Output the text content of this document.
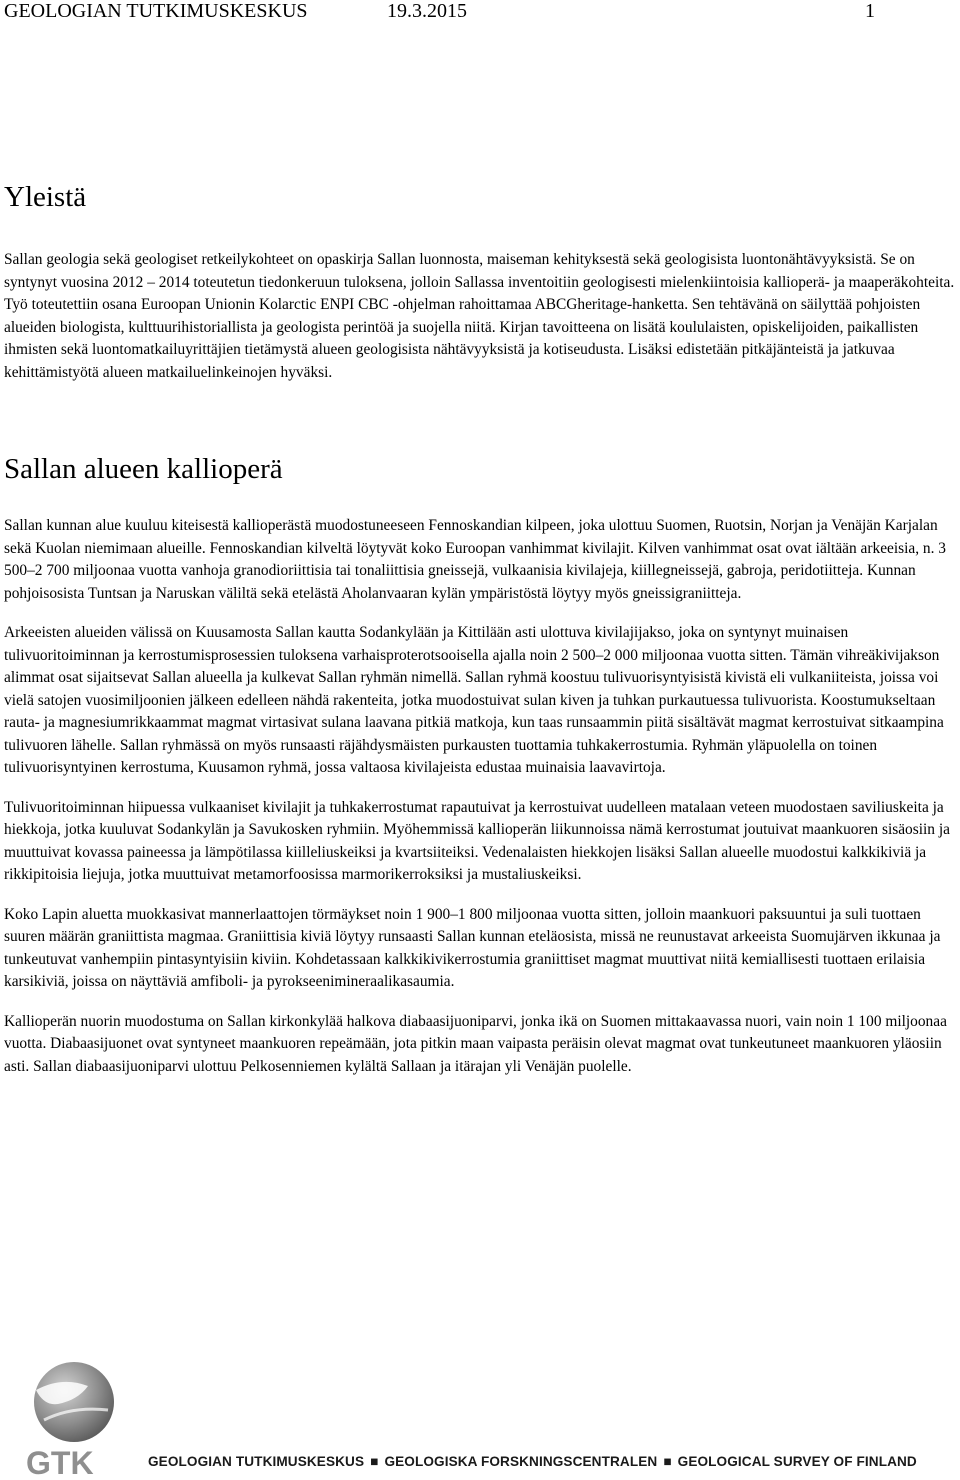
GEOLOGIAN TUTKIMUSKESKUS	19.3.2015	1
Yleistä

Sallan geologia sekä geologiset retkeilykohteet on opaskirja Sallan luonnosta, maiseman kehityksestä sekä geologisista luontonähtävyyksistä. Se on syntynyt vuosina 2012 – 2014 toteutetun tiedonkeruun tuloksena, jolloin Sallassa inventoitiin geologisesti mielenkiintoisia kallioperä- ja maaperäkohteita. Työ toteutettiin osana Euroopan Unionin Kolarctic ENPI CBC -ohjelman rahoittamaa ABCGheritage-hanketta. Sen tehtävänä on säilyttää pohjoisten alueiden biologista, kulttuurihistoriallista ja geologista perintöä ja suojella niitä. Kirjan tavoitteena on lisätä koululaisten, opiskelijoiden, paikallisten ihmisten sekä luontomatkailuyrittäjien tietämystä alueen geologisista nähtävyyksistä ja kotiseudusta. Lisäksi edistetään pitkäjänteistä ja jatkuvaa kehittämistyötä alueen matkailuelinkeinojen hyväksi.

Sallan alueen kallioperä

Sallan kunnan alue kuuluu kiteisestä kallioperästä muodostuneeseen Fennoskandian kilpeen, joka ulottuu Suomen, Ruotsin, Norjan ja Venäjän Karjalan sekä Kuolan niemimaan alueille. Fennoskandian kilveltä löytyvät koko Euroopan vanhimmat kivilajit. Kilven vanhimmat osat ovat iältään arkeeisia, n. 3 500–2 700 miljoonaa vuotta vanhoja granodioriittisia tai tonaliittisia gneissejä, vulkaanisia kivilajeja, kiillegneissejä, gabroja, peridotiitteja. Kunnan pohjoisosista Tuntsan ja Naruskan väliltä sekä etelästä Aholanvaaran kylän ympäristöstä löytyy myös gneissigraniitteja.

Arkeeisten alueiden välissä on Kuusamosta Sallan kautta Sodankylään ja Kittilään asti ulottuva kivilajijakso, joka on syntynyt muinaisen tulivuoritoiminnan ja kerrostumisprosessien tuloksena varhaisproterotsooisella ajalla noin 2 500–2 000 miljoonaa vuotta sitten. Tämän vihreäkivijakson alimmat osat sijaitsevat Sallan alueella ja kulkevat Sallan ryhmän nimellä. Sallan ryhmä koostuu tulivuorisyntyisistä kivistä eli vulkaniiteista, joissa voi vielä satojen vuosimiljoonien jälkeen edelleen nähdä rakenteita, jotka muodostuivat sulan kiven ja tuhkan purkautuessa tulivuorista. Koostumukseltaan rauta- ja magnesiumrikkaammat magmat virtasivat sulana laavana pitkiä matkoja, kun taas runsaammin piitä sisältävät magmat kerrostuivat sitkaampina tulivuoren lähelle. Sallan ryhmässä on myös runsaasti räjähdysmäisten purkausten tuottamia tuhkakerrostumia. Ryhmän yläpuolella on toinen tulivuorisyntyinen kerrostuma, Kuusamon ryhmä, jossa valtaosa kivilajeista edustaa muinaisia laavavirtoja.

Tulivuoritoiminnan hiipuessa vulkaaniset kivilajit ja tuhkakerrostumat rapautuivat ja kerrostuivat uudelleen matalaan veteen muodostaen saviliuskeita ja hiekkoja, jotka kuuluvat Sodankylän ja Savukosken ryhmiin. Myöhemmissä kallioperän liikunnoissa nämä kerrostumat joutuivat maankuoren sisäosiin ja muuttuivat kovassa paineessa ja lämpötilassa kiilleliuskeiksi ja kvartsiiteiksi. Vedenalaisten hiekkojen lisäksi Sallan alueelle muodostui kalkkikiviä ja rikkipitoisia liejuja, jotka muuttuivat metamorfoosissa marmorikerroksiksi ja mustaliuskeiksi.

Koko Lapin aluetta muokkasivat mannerlaattojen törmäykset noin 1 900–1 800 miljoonaa vuotta sitten, jolloin maankuori paksuuntui ja suli tuottaen suuren määrän graniittista magmaa. Graniittisia kiviä löytyy runsaasti Sallan kunnan eteläosista, missä ne reunustavat arkeeista Suomujärven ikkunaa ja tunkeutuvat vanhempiin pintasyntyisiin kiviin. Kohdetassaan kalkkikivikerrostumia graniittiset magmat muuttivat niitä kemiallisesti tuottaen erilaisia karsikiviä, joissa on näyttäviä amfiboli- ja pyrokseenimineraalikasaumia.

Kallioperän nuorin muodostuma on Sallan kirkonkylää halkova diabaasijuoniparvi, jonka ikä on Suomen mittakaavassa nuori, vain noin 1 100 miljoonaa vuotta. Diabaasijuonet ovat syntyneet maankuoren repeämään, jota pitkin maan vaipasta peräisin olevat magmat ovat tunkeutuneet maankuoren yläosiin asti. Sallan diabaasijuoniparvi ulottuu Pelkosenniemen kylältä Sallaan ja itärajan yli Venäjän puolelle.

GTK	GEOLOGIAN TUTKIMUSKESKUS ■ GEOLOGISKA FORSKNINGSCENTRALEN ■ GEOLOGICAL SURVEY OF FINLAND
